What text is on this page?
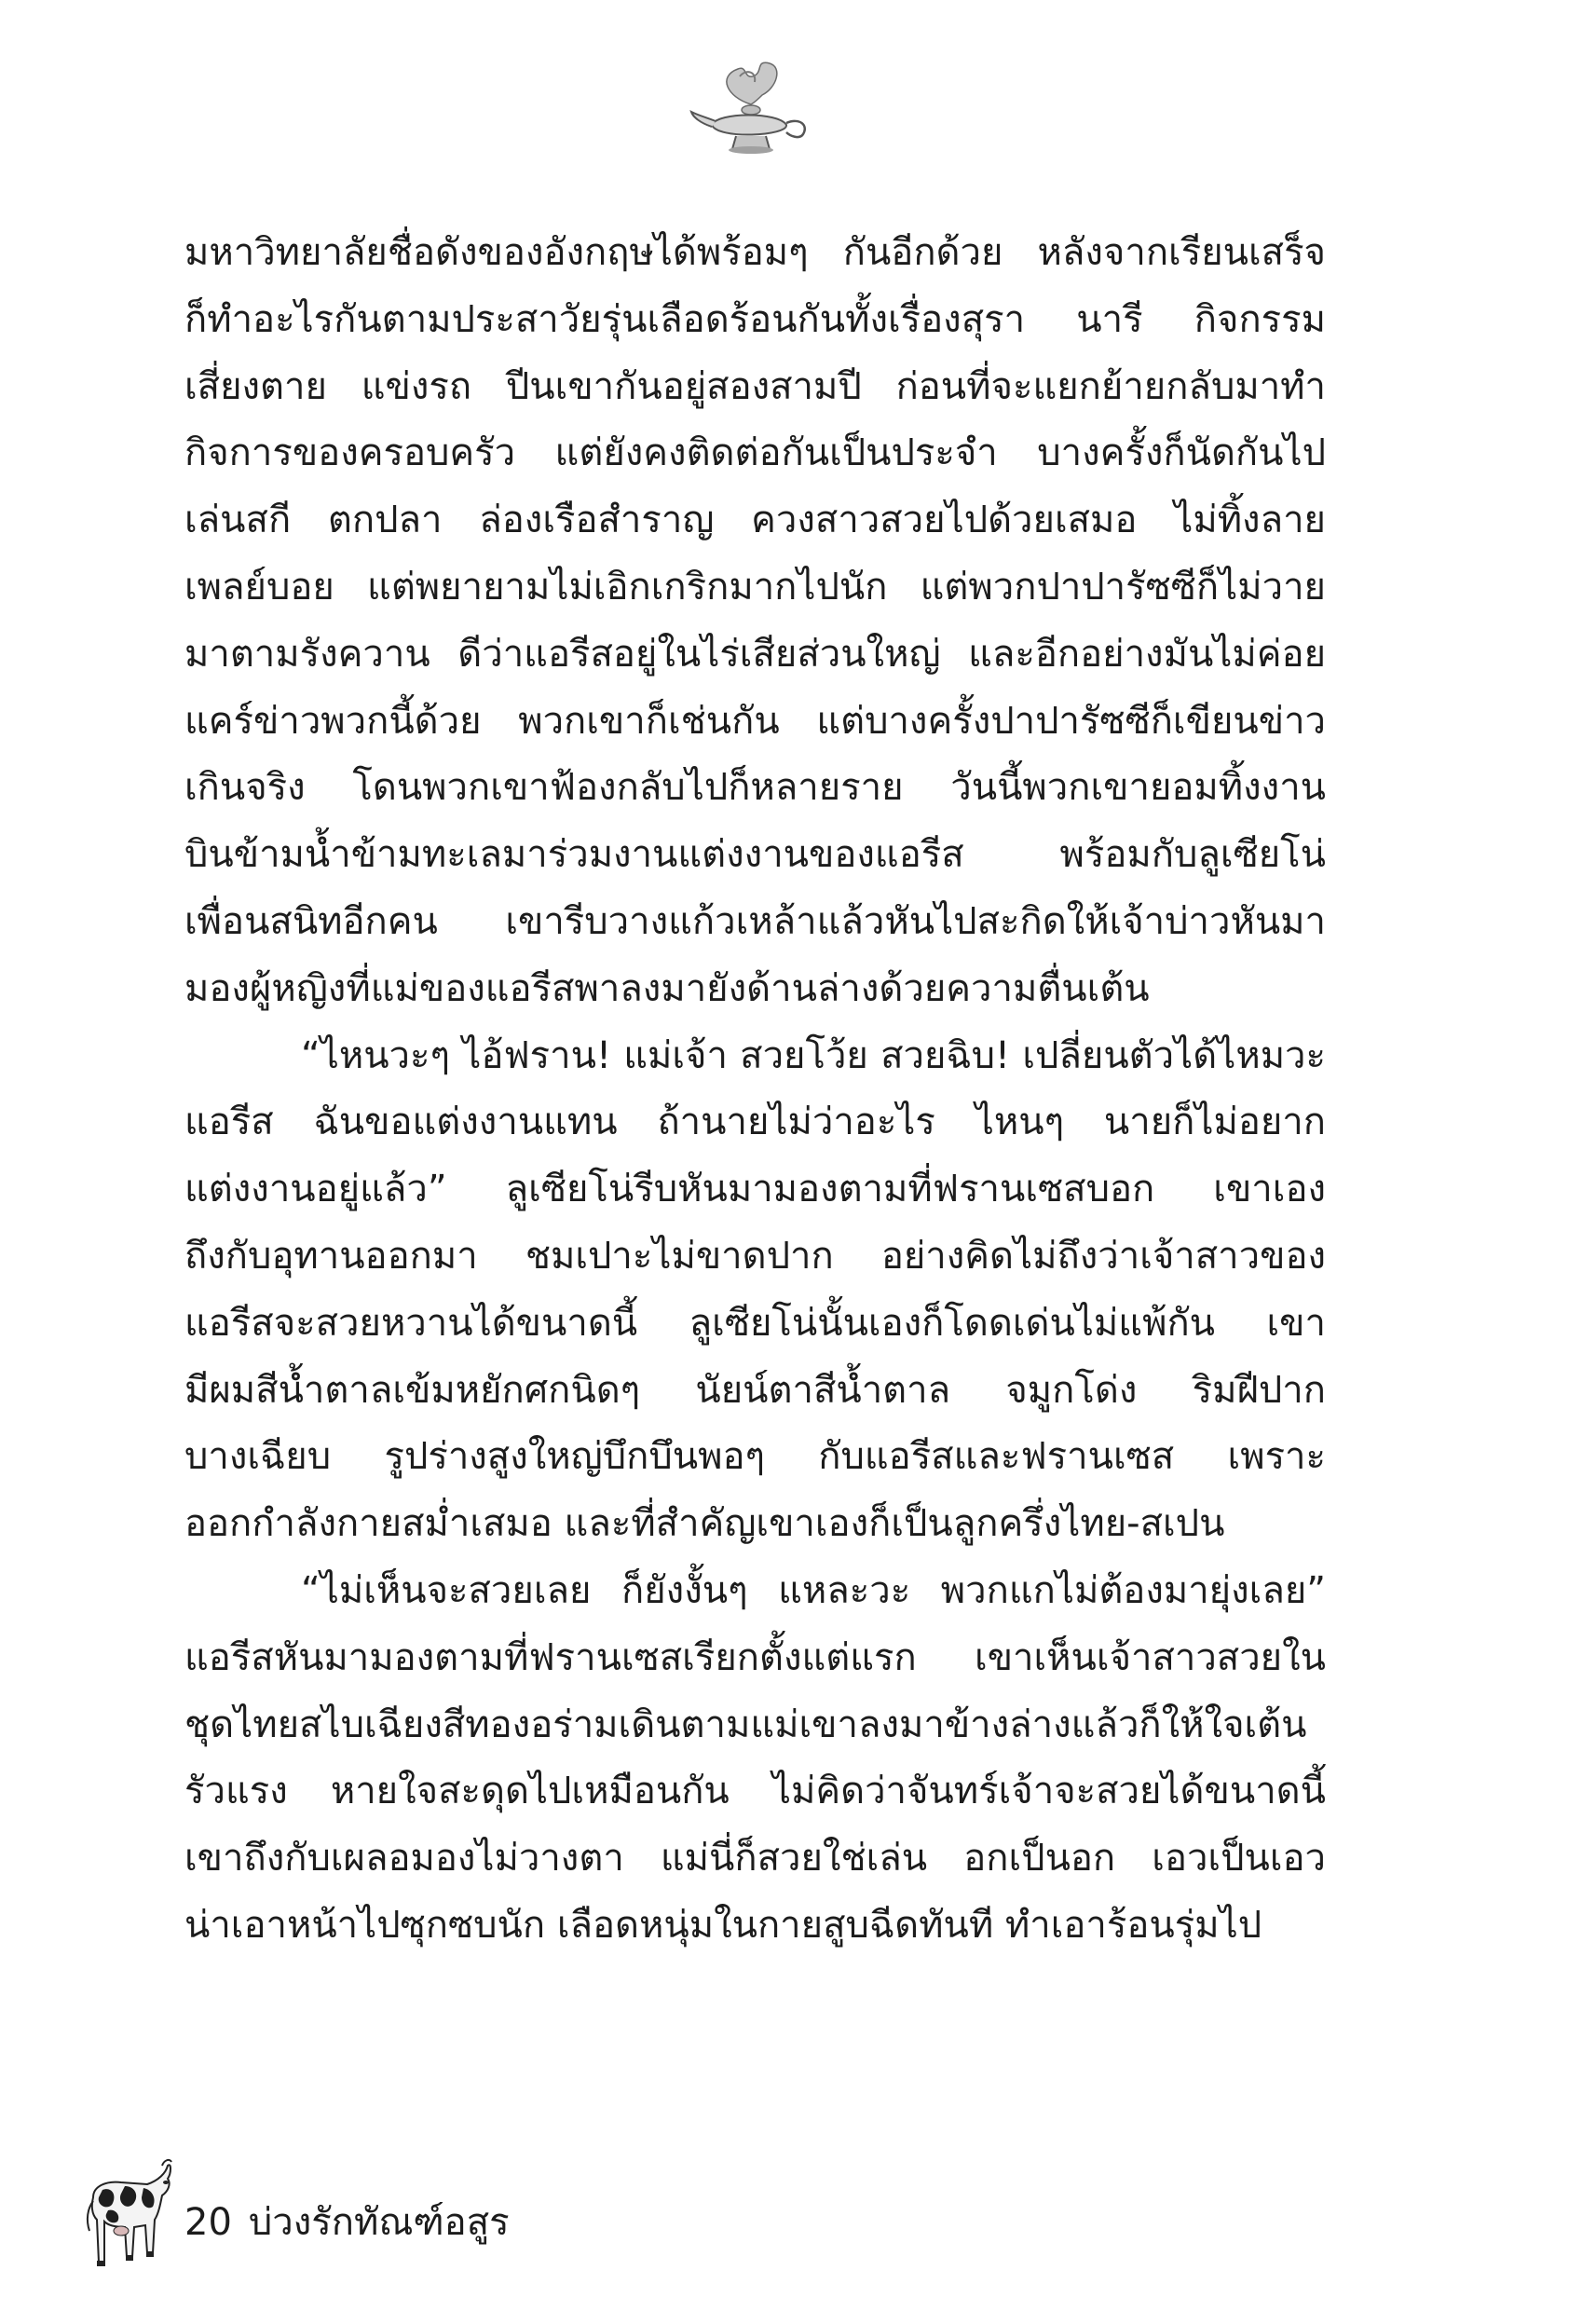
มหาวิทยาลัยชื่อดังของอังกฤษได้พร้อมๆ กันอีกด้วย หลังจากเรียนเสร็จ
ก็ทำอะไรกันตามประสาวัยรุ่นเลือดร้อนกันทั้งเรื่องสุรา นารี กิจกรรม
เสี่ยงตาย แข่งรถ ปีนเขากันอยู่สองสามปี ก่อนที่จะแยกย้ายกลับมาทำ
กิจการของครอบครัว แต่ยังคงติดต่อกันเป็นประจำ บางครั้งก็นัดกันไป
เล่นสกี ตกปลา ล่องเรือสำราญ ควงสาวสวยไปด้วยเสมอ ไม่ทิ้งลาย
เพลย์บอย แต่พยายามไม่เอิกเกริกมากไปนัก แต่พวกปาปารัซซีก็ไม่วาย
มาตามรังควาน ดีว่าแอรีสอยู่ในไร่เสียส่วนใหญ่ และอีกอย่างมันไม่ค่อย
แคร์ข่าวพวกนี้ด้วย พวกเขาก็เช่นกัน แต่บางครั้งปาปารัซซีก็เขียนข่าว
เกินจริง โดนพวกเขาฟ้องกลับไปก็หลายราย วันนี้พวกเขายอมทิ้งงาน
บินข้ามน้ำข้ามทะเลมาร่วมงานแต่งงานของแอรีส พร้อมกับลูเซียโน่
เพื่อนสนิทอีกคน เขารีบวางแก้วเหล้าแล้วหันไปสะกิดให้เจ้าบ่าวหันมา
มองผู้หญิงที่แม่ของแอรีสพาลงมายังด้านล่างด้วยความตื่นเต้น
“ไหนวะๆ ไอ้ฟราน! แม่เจ้า สวยโว้ย สวยฉิบ! เปลี่ยนตัวได้ไหมวะ
แอรีส ฉันขอแต่งงานแทน ถ้านายไม่ว่าอะไร ไหนๆ นายก็ไม่อยาก
แต่งงานอยู่แล้ว” ลูเซียโน่รีบหันมามองตามที่ฟรานเซสบอก เขาเอง
ถึงกับอุทานออกมา ชมเปาะไม่ขาดปาก อย่างคิดไม่ถึงว่าเจ้าสาวของ
แอรีสจะสวยหวานได้ขนาดนี้ ลูเซียโน่นั้นเองก็โดดเด่นไม่แพ้กัน เขา
มีผมสีน้ำตาลเข้มหยักศกนิดๆ นัยน์ตาสีน้ำตาล จมูกโด่ง ริมฝีปาก
บางเฉียบ รูปร่างสูงใหญ่บึกบึนพอๆ กับแอรีสและฟรานเซส เพราะ
ออกกำลังกายสม่ำเสมอ และที่สำคัญเขาเองก็เป็นลูกครึ่งไทย-สเปน
“ไม่เห็นจะสวยเลย ก็ยังงั้นๆ แหละวะ พวกแกไม่ต้องมายุ่งเลย”
แอรีสหันมามองตามที่ฟรานเซสเรียกตั้งแต่แรก เขาเห็นเจ้าสาวสวยใน
ชุดไทยสไบเฉียงสีทองอร่ามเดินตามแม่เขาลงมาข้างล่างแล้วก็ให้ใจเต้น
รัวแรง หายใจสะดุดไปเหมือนกัน ไม่คิดว่าจันทร์เจ้าจะสวยได้ขนาดนี้
เขาถึงกับเผลอมองไม่วางตา แม่นี่ก็สวยใช่เล่น อกเป็นอก เอวเป็นเอว
น่าเอาหน้าไปซุกซบนัก เลือดหนุ่มในกายสูบฉีดทันที ทำเอาร้อนรุ่มไป
20 บ่วงรักทัณฑ์อสูร
